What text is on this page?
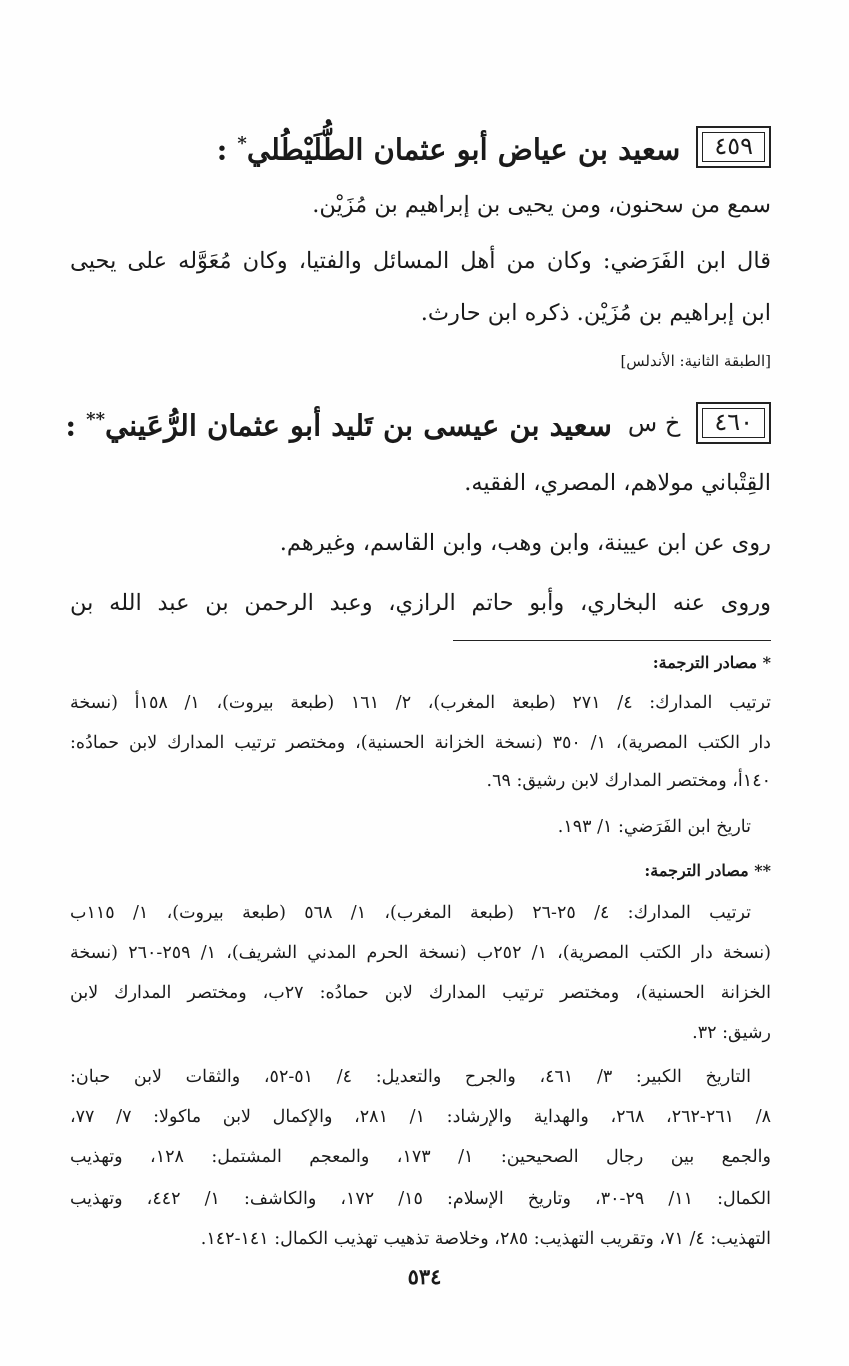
٤٥٩
سعيد بن عياض أبو عثمان الطُّلَيْطُلي* :
سمع من سحنون، ومن يحيى بن إبراهيم بن مُزَيْن.
قال ابن الفَرَضي: وكان من أهل المسائل والفتيا، وكان مُعَوَّله على يحيى
ابن إبراهيم بن مُزَيْن. ذكره ابن حارث.
[الطبقة الثانية: الأندلس]
٤٦٠
خ س
سعيد بن عيسى بن تَليد أبو عثمان الرُّعَيني** :
القِتْباني مولاهم، المصري، الفقيه.
روى عن ابن عيينة، وابن وهب، وابن القاسم، وغيرهم.
وروى عنه البخاري، وأبو حاتم الرازي، وعبد الرحمن بن عبد الله بن
* مصادر الترجمة:
ترتيب المدارك: ٤/ ٢٧١ (طبعة المغرب)، ٢/ ١٦١ (طبعة بيروت)، ١/ ١٥٨أ (نسخة
دار الكتب المصرية)، ١/ ٣٥٠ (نسخة الخزانة الحسنية)، ومختصر ترتيب المدارك لابن حمادُه:
١٤٠أ، ومختصر المدارك لابن رشيق: ٦٩.
تاريخ ابن الفَرَضي: ١/ ١٩٣.
** مصادر الترجمة:
ترتيب المدارك: ٤/ ٢٥-٢٦ (طبعة المغرب)، ١/ ٥٦٨ (طبعة بيروت)، ١/ ١١٥ب
(نسخة دار الكتب المصرية)، ١/ ٢٥٢ب (نسخة الحرم المدني الشريف)، ١/ ٢٥٩-٢٦٠ (نسخة
الخزانة الحسنية)، ومختصر ترتيب المدارك لابن حمادُه: ٢٧ب، ومختصر المدارك لابن
رشيق: ٣٢.
التاريخ الكبير: ٣/ ٤٦١، والجرح والتعديل: ٤/ ٥١-٥٢، والثقات لابن حبان:
٨/ ٢٦١-٢٦٢، ٢٦٨، والهداية والإرشاد: ١/ ٢٨١، والإكمال لابن ماكولا: ٧/ ٧٧،
والجمع بين رجال الصحيحين: ١/ ١٧٣، والمعجم المشتمل: ١٢٨، وتهذيب
الكمال: ١١/ ٢٩-٣٠، وتاريخ الإسلام: ١٥/ ١٧٢، والكاشف: ١/ ٤٤٢، وتهذيب
التهذيب: ٤/ ٧١، وتقريب التهذيب: ٢٨٥، وخلاصة تذهيب تهذيب الكمال: ١٤١-١٤٢.
٥٣٤
